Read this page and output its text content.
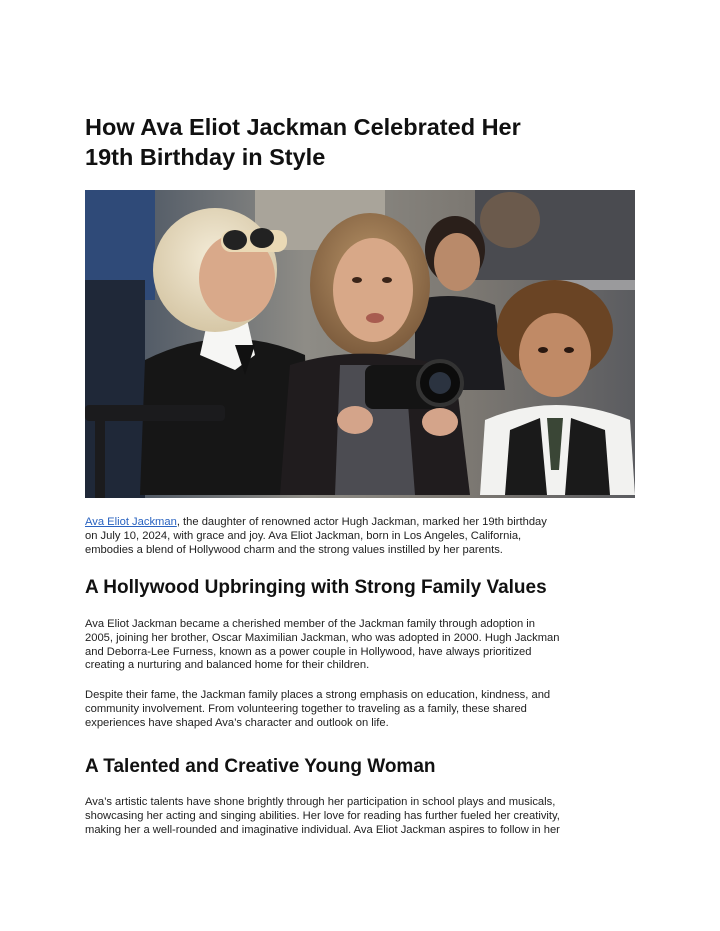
How Ava Eliot Jackman Celebrated Her
19th Birthday in Style

Ava Eliot Jackman, the daughter of renowned actor Hugh Jackman, marked her 19th birthday
on July 10, 2024, with grace and joy. Ava Eliot Jackman, born in Los Angeles, California,
embodies a blend of Hollywood charm and the strong values instilled by her parents.

A Hollywood Upbringing with Strong Family Values

Ava Eliot Jackman became a cherished member of the Jackman family through adoption in
2005, joining her brother, Oscar Maximilian Jackman, who was adopted in 2000. Hugh Jackman
and Deborra-Lee Furness, known as a power couple in Hollywood, have always prioritized
creating a nurturing and balanced home for their children.

Despite their fame, the Jackman family places a strong emphasis on education, kindness, and
community involvement. From volunteering together to traveling as a family, these shared
experiences have shaped Ava’s character and outlook on life.

A Talented and Creative Young Woman

Ava’s artistic talents have shone brightly through her participation in school plays and musicals,
showcasing her acting and singing abilities. Her love for reading has further fueled her creativity,
making her a well-rounded and imaginative individual. Ava Eliot Jackman aspires to follow in her
